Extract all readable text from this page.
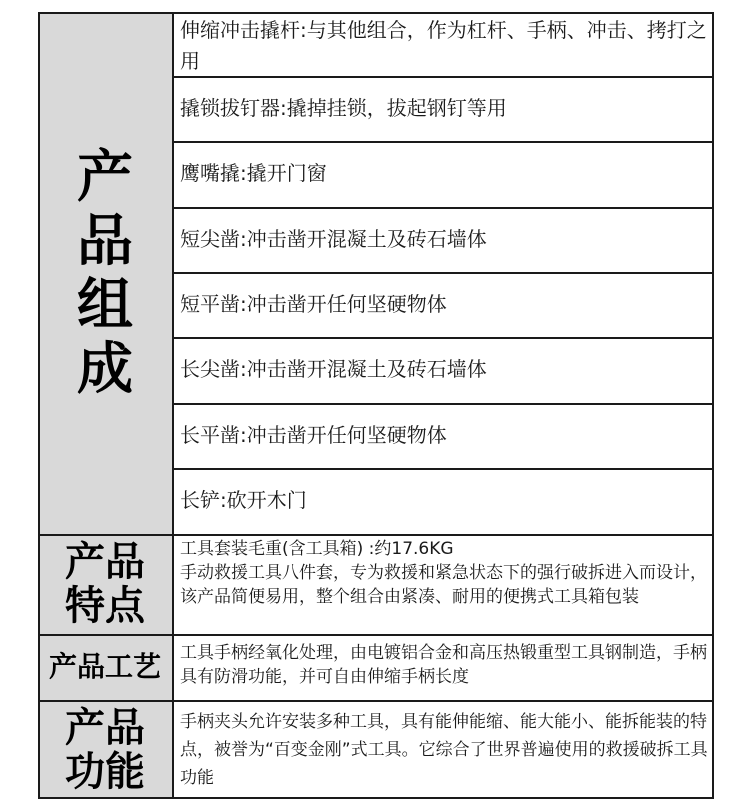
产品组成
产品特点
产品工艺
产品功能
伸缩冲击撬杆:与其他组合，作为杠杆、手柄、冲击、拷打之用
撬锁拔钉器:撬掉挂锁，拔起钢钉等用
鹰嘴撬:撬开门窗
短尖凿:冲击凿开混凝土及砖石墙体
短平凿:冲击凿开任何坚硬物体
长尖凿:冲击凿开混凝土及砖石墙体
长平凿:冲击凿开任何坚硬物体
长铲:砍开木门
工具套装毛重(含工具箱) :约17.6KG
手动救援工具八件套，专为救援和紧急状态下的强行破拆进入而设计，该产品简便易用，整个组合由紧凑、耐用的便携式工具箱包装
工具手柄经氧化处理，由电镀铝合金和高压热锻重型工具钢制造，手柄具有防滑功能，并可自由伸缩手柄长度
手柄夹头允许安装多种工具，具有能伸能缩、能大能小、能拆能装的特点，被誉为“百变金刚”式工具。它综合了世界普遍使用的救援破拆工具功能
